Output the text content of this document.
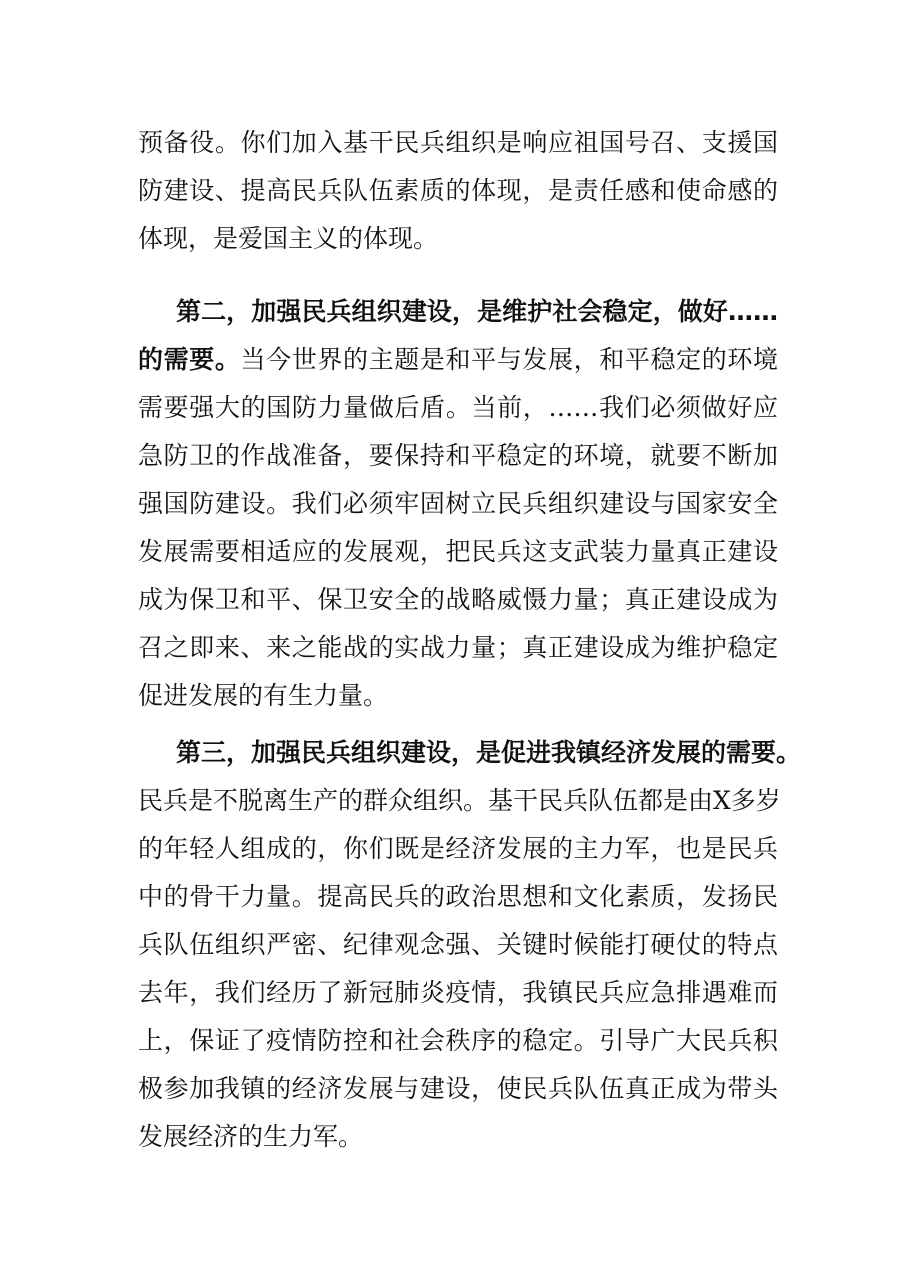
预备役。你们加入基干民兵组织是响应祖国号召、支援国
防建设、提高民兵队伍素质的体现，是责任感和使命感的
体现，是爱国主义的体现。
第二，加强民兵组织建设，是维护社会稳定，做好……
的需要。当今世界的主题是和平与发展，和平稳定的环境
需要强大的国防力量做后盾。当前，……我们必须做好应
急防卫的作战准备，要保持和平稳定的环境，就要不断加
强国防建设。我们必须牢固树立民兵组织建设与国家安全
发展需要相适应的发展观，把民兵这支武装力量真正建设
成为保卫和平、保卫安全的战略威慑力量；真正建设成为
召之即来、来之能战的实战力量；真正建设成为维护稳定
促进发展的有生力量。
第三，加强民兵组织建设，是促进我镇经济发展的需要。
民兵是不脱离生产的群众组织。基干民兵队伍都是由X多岁
的年轻人组成的，你们既是经济发展的主力军，也是民兵
中的骨干力量。提高民兵的政治思想和文化素质，发扬民
兵队伍组织严密、纪律观念强、关键时候能打硬仗的特点
去年，我们经历了新冠肺炎疫情，我镇民兵应急排遇难而
上，保证了疫情防控和社会秩序的稳定。引导广大民兵积
极参加我镇的经济发展与建设，使民兵队伍真正成为带头
发展经济的生力军。
